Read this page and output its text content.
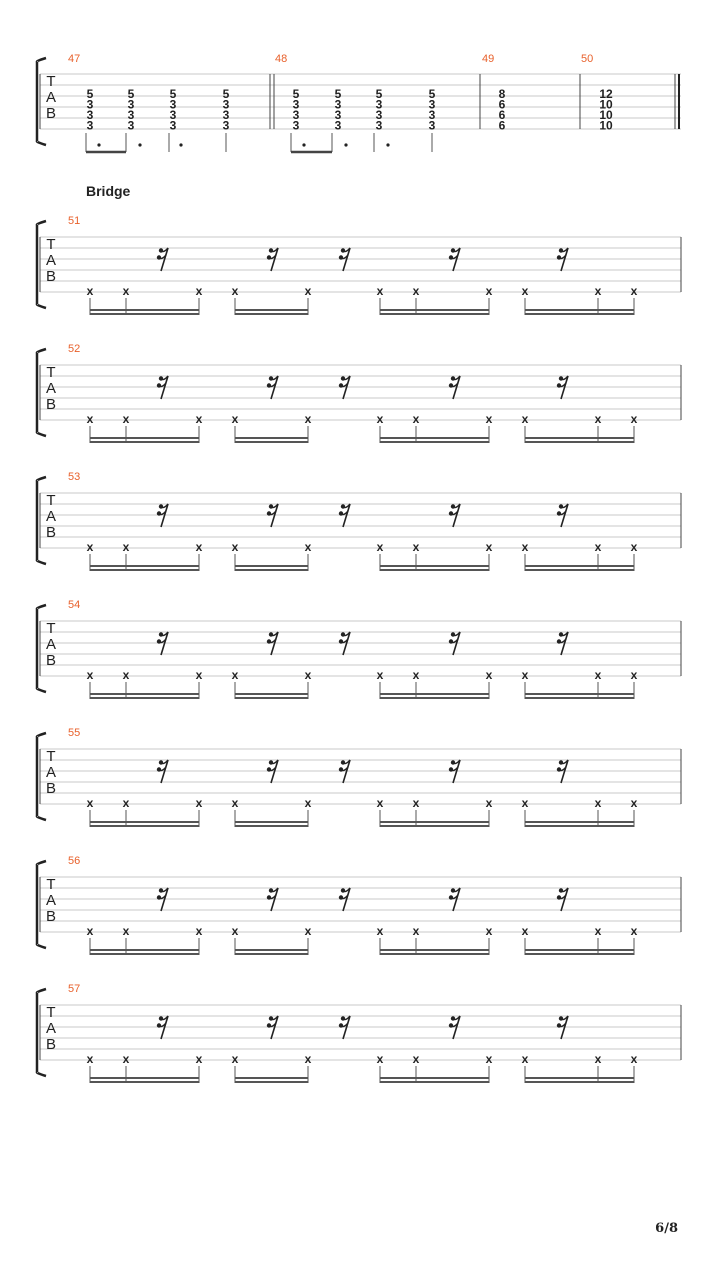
Bridge
T
A
B
47
5
3
3
3
5
3
3
3
5
3
3
3
5
3
3
3
48
5
3
3
3
5
3
3
3
5
3
3
3
5
3
3
3
49
8
6
6
6
50
12
10
10
10
T
A
B
51
x x	x x	x	x x	x x	x x
T
A
B
52
x x	x x	x	x x	x x	x x
T
A
B
53
x x	x x	x	x x	x x	x x
T
A
B
54
x x	x x	x	x x	x x	x x
T
A
B
55
x x	x x	x	x x	x x	x x
T
A
B
56
x x	x x	x	x x	x x	x x
T
A
B
57
x x	x x	x	x x	x x	x x
6/8
